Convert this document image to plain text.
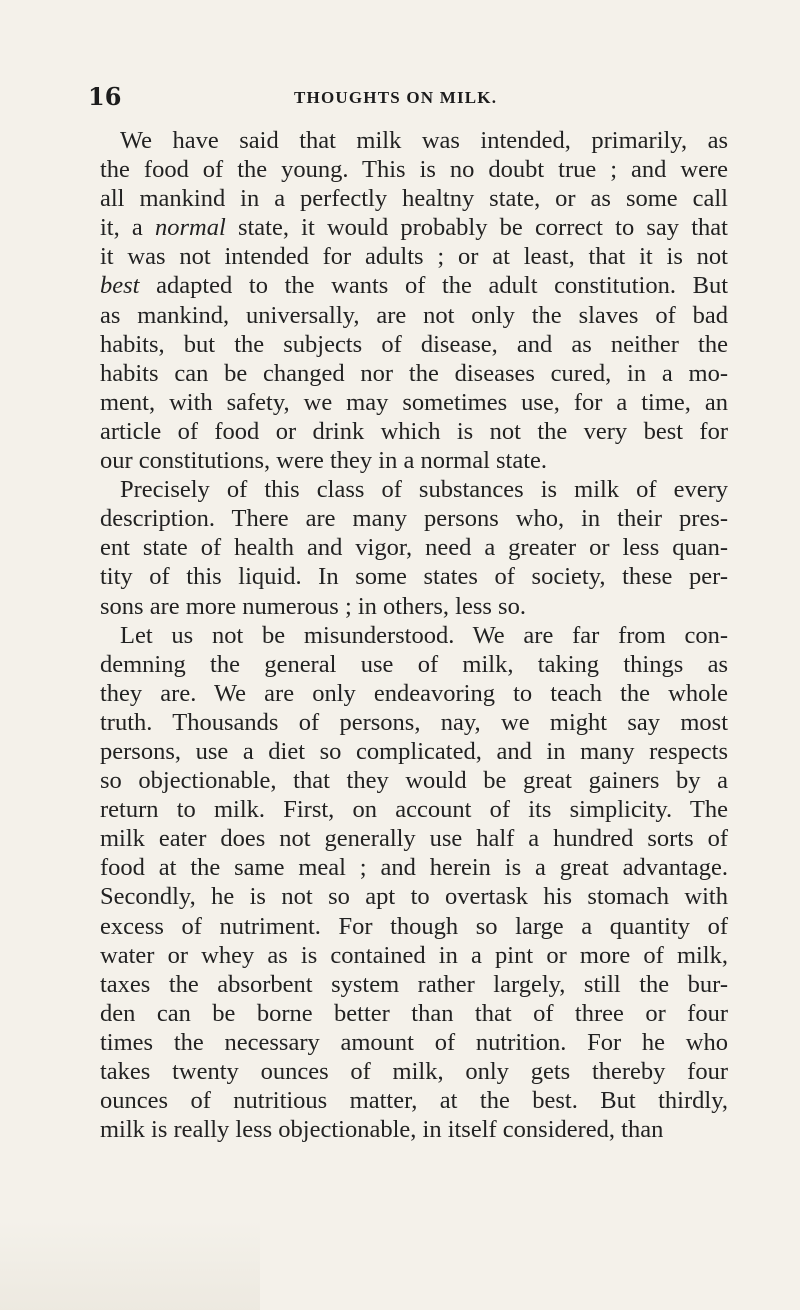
16	THOUGHTS ON MILK.
We have said that milk was intended, primarily, as
the food of the young. This is no doubt true ; and were
all mankind in a perfectly healtny state, or as some call
it, a normal state, it would probably be correct to say that
it was not intended for adults ; or at least, that it is not
best adapted to the wants of the adult constitution. But
as mankind, universally, are not only the slaves of bad
habits, but the subjects of disease, and as neither the
habits can be changed nor the diseases cured, in a mo-
ment, with safety, we may sometimes use, for a time, an
article of food or drink which is not the very best for
our constitutions, were they in a normal state.
Precisely of this class of substances is milk of every
description. There are many persons who, in their pres-
ent state of health and vigor, need a greater or less quan-
tity of this liquid. In some states of society, these per-
sons are more numerous ; in others, less so.
Let us not be misunderstood. We are far from con-
demning the general use of milk, taking things as
they are. We are only endeavoring to teach the whole
truth. Thousands of persons, nay, we might say most
persons, use a diet so complicated, and in many respects
so objectionable, that they would be great gainers by a
return to milk. First, on account of its simplicity. The
milk eater does not generally use half a hundred sorts of
food at the same meal ; and herein is a great advantage.
Secondly, he is not so apt to overtask his stomach with
excess of nutriment. For though so large a quantity of
water or whey as is contained in a pint or more of milk,
taxes the absorbent system rather largely, still the bur-
den can be borne better than that of three or four
times the necessary amount of nutrition. For he who
takes twenty ounces of milk, only gets thereby four
ounces of nutritious matter, at the best. But thirdly,
milk is really less objectionable, in itself considered, than
